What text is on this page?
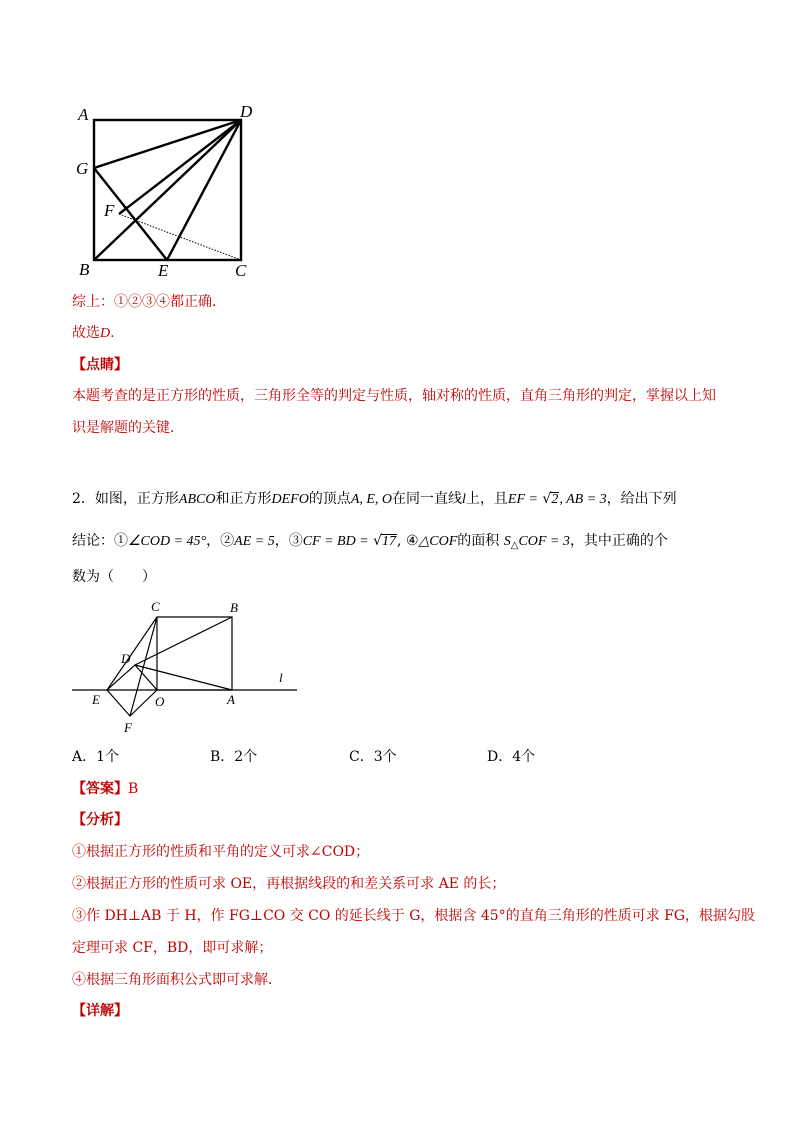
A	D
G
F
B	E	C
综上：①②③④都正确．
故选D.
【点睛】
本题考查的是正方形的性质，三角形全等的判定与性质，轴对称的性质，直角三角形的判定，掌握以上知
识是解题的关键．
2．如图，正方形ABCO和正方形DEFO的顶点A, E, O在同一直线l上，且EF = √2, AB = 3，给出下列
结论：①∠COD = 45°，②AE = 5，③CF = BD = √17, ④△COF的面积 $S_\triangle COF = 3$，其中正确的个
数为（　　）
C	B
D
l
E	O	A
F
A．1个	B．2个	C．3个	D．4个
【答案】B
【分析】
①根据正方形的性质和平角的定义可求∠COD；
②根据正方形的性质可求 OE，再根据线段的和差关系可求 AE 的长；
③作 DH⊥AB 于 H，作 FG⊥CO 交 CO 的延长线于 G，根据含 45°的直角三角形的性质可求 FG，根据勾股
定理可求 CF，BD，即可求解；
④根据三角形面积公式即可求解．
【详解】
